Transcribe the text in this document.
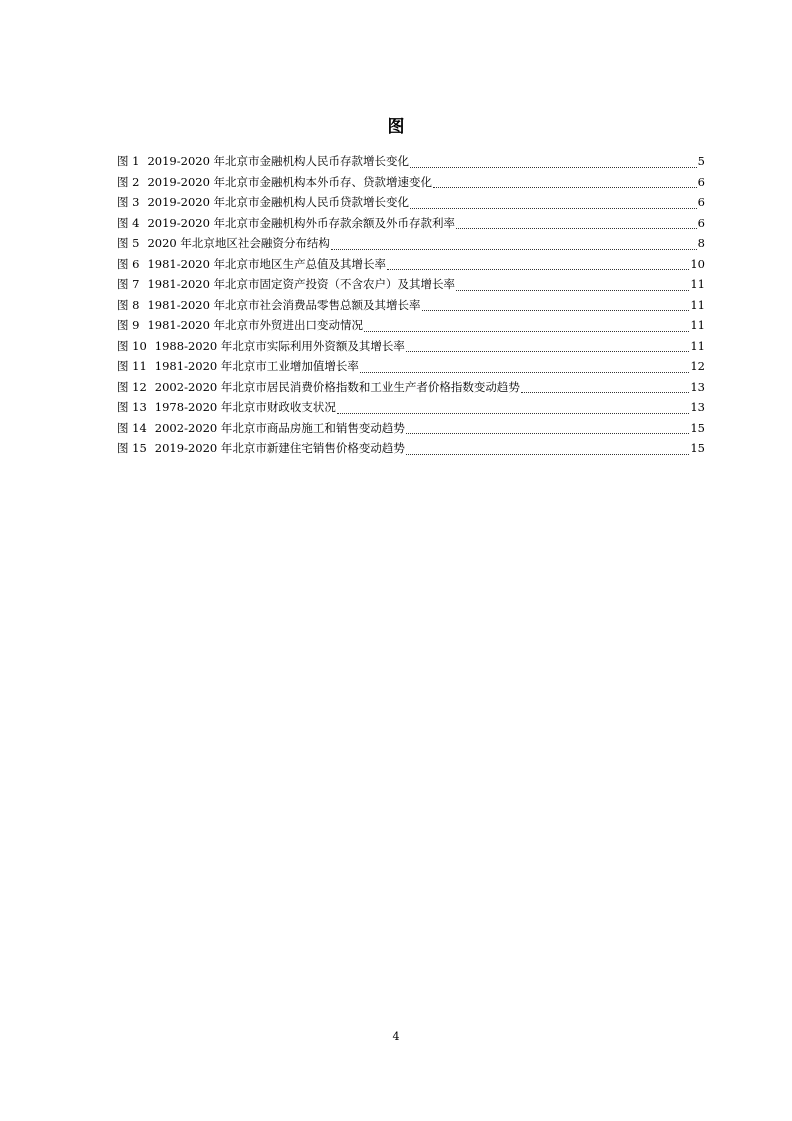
图
图 1 2019-2020 年北京市金融机构人民币存款增长变化	5
图 2 2019-2020 年北京市金融机构本外币存、贷款增速变化	6
图 3 2019-2020 年北京市金融机构人民币贷款增长变化	6
图 4 2019-2020 年北京市金融机构外币存款余额及外币存款利率	6
图 5 2020 年北京地区社会融资分布结构	8
图 6 1981-2020 年北京市地区生产总值及其增长率	10
图 7 1981-2020 年北京市固定资产投资（不含农户）及其增长率	11
图 8 1981-2020 年北京市社会消费品零售总额及其增长率	11
图 9 1981-2020 年北京市外贸进出口变动情况	11
图 10 1988-2020 年北京市实际利用外资额及其增长率	11
图 11 1981-2020 年北京市工业增加值增长率	12
图 12 2002-2020 年北京市居民消费价格指数和工业生产者价格指数变动趋势	13
图 13 1978-2020 年北京市财政收支状况	13
图 14 2002-2020 年北京市商品房施工和销售变动趋势	15
图 15 2019-2020 年北京市新建住宅销售价格变动趋势	15
4
